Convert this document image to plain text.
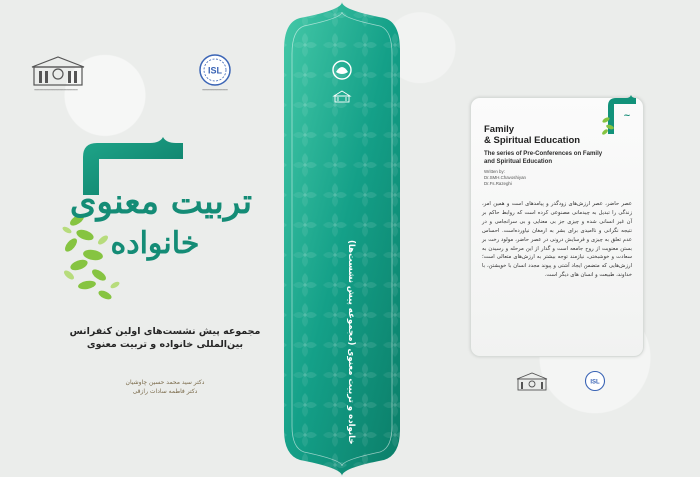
━━━━━━━━━━━━━━━━━━━━━━━━
ISL
━━━━━━━━━━━━━━
تربیت معنوی
خانواده
مجموعه پیش نشست‌های اولین کنفرانس
بین‌المللی خانواده و تربیت معنوی
دکتر سید محمد حسین چاوشیان
دکتر فاطمه سادات رازقی	خانواده و تربیت معنوی (مجموعه پیش نشست‌ها)
~
Family
& Spiritual Education
The series of Pre-Conferences on Family
and Spiritual Education
Written by:
Dr.SMH.Chavoshiyan
Dr.Fs.Razeghi

عصر حاضر، عصر ارزش‌های زودگذر و پیامدهای است و همین امر، زندگی را تبدیل به چیدمانی مصنوعی کرده است که روابط حاکم بر آن غیر انسانی شده و چیزی جز بی معنایی و بی سرانجامی و در نتیجه نگرانی و ناامیدی برای بشر به ارمغان نیاورده‌است. احساس عدم تعلق به چیزی و فرسایش درونی در عصر حاضر، مولود رخت بر بستن معنویت از روح جامعه است و گذار از این مرحله و رسیدن به سعادت و خوشبختی، نیازمند توجه بیشتر به ارزش‌های متعالی است؛ ارزش‌هایی که متضمن ایجاد آشتی و پیوند مجدد انسان با خویشتن، با خداوند، طبیعت و انسان های دیگر است.

ISL
